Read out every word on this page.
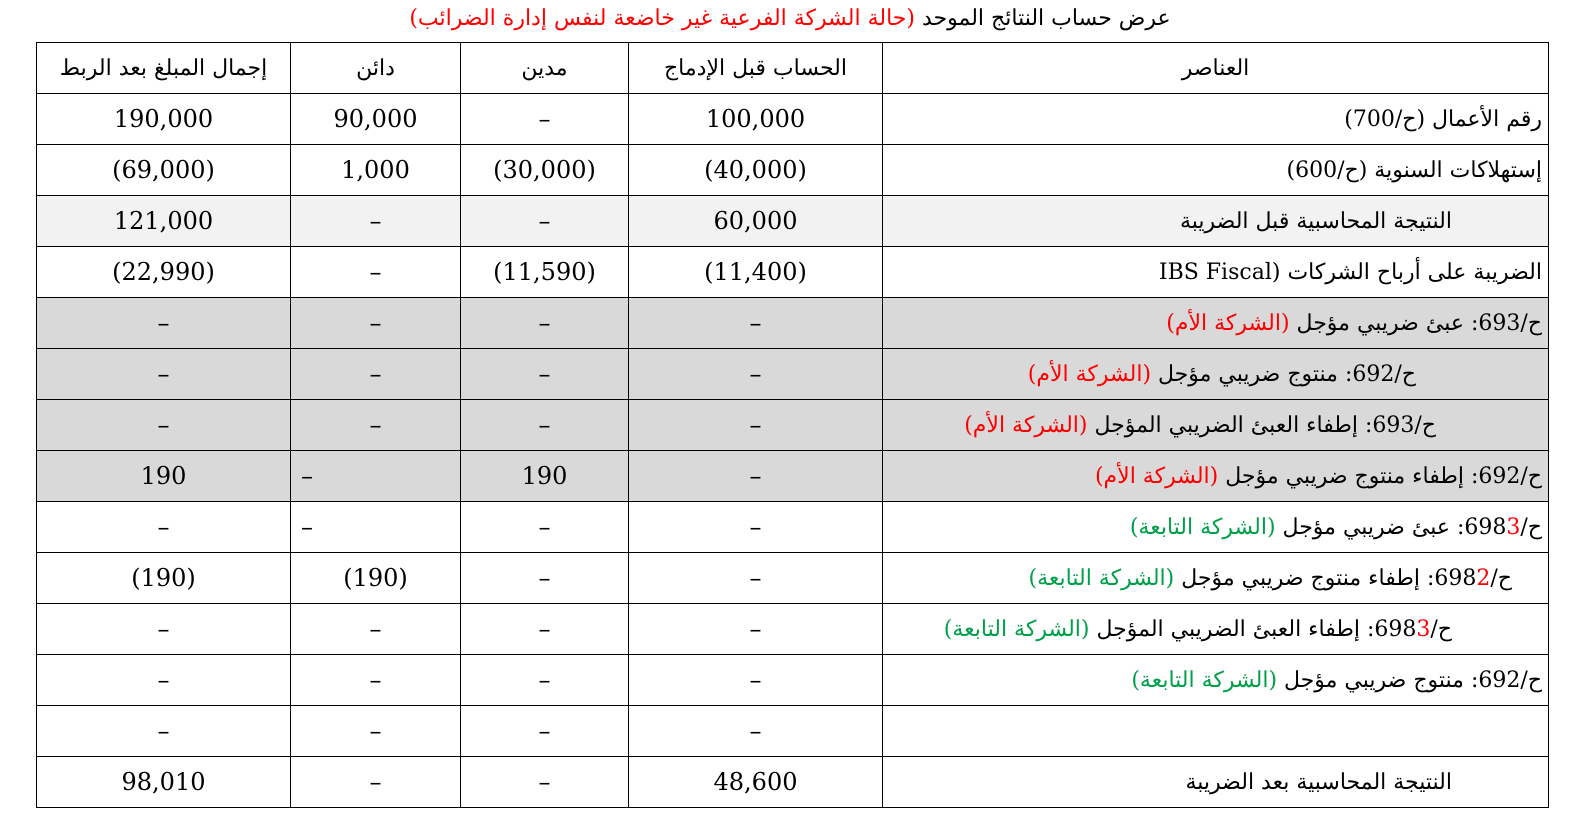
عرض حساب النتائج الموحد (حالة الشركة الفرعية غير خاضعة لنفس إدارة الضرائب)
العناصر	الحساب قبل الإدماج	مدين	دائن	إجمال المبلغ بعد الربط
رقم الأعمال (ح/700)	100,000	–	90,000	190,000
إستهلاكات السنوية (ح/600)	(40,000)	(30,000)	1,000	(69,000)
النتيجة المحاسبية قبل الضريبة	60,000	–	–	121,000
الضريبة على أرباح الشركات (IBS Fiscal	(11,400)	(11,590)	–	(22,990)
ح/693: عبئ ضريبي مؤجل (الشركة الأم)	–	–	–	–
ح/692: منتوج ضريبي مؤجل (الشركة الأم)	–	–	–	–
ح/693: إطفاء العبئ الضريبي المؤجل (الشركة الأم)	–	–	–	–
ح/692: إطفاء منتوج ضريبي مؤجل (الشركة الأم)	–	190	–	190
ح/6983: عبئ ضريبي مؤجل (الشركة التابعة)	–	–	–	–
ح/6982: إطفاء منتوج ضريبي مؤجل (الشركة التابعة)	–	–	(190)	(190)
ح/6983: إطفاء العبئ الضريبي المؤجل (الشركة التابعة)	–	–	–	–
ح/692: منتوج ضريبي مؤجل (الشركة التابعة)	–	–	–	–
	–	–	–	–
النتيجة المحاسبية بعد الضريبة	48,600	–	–	98,010
